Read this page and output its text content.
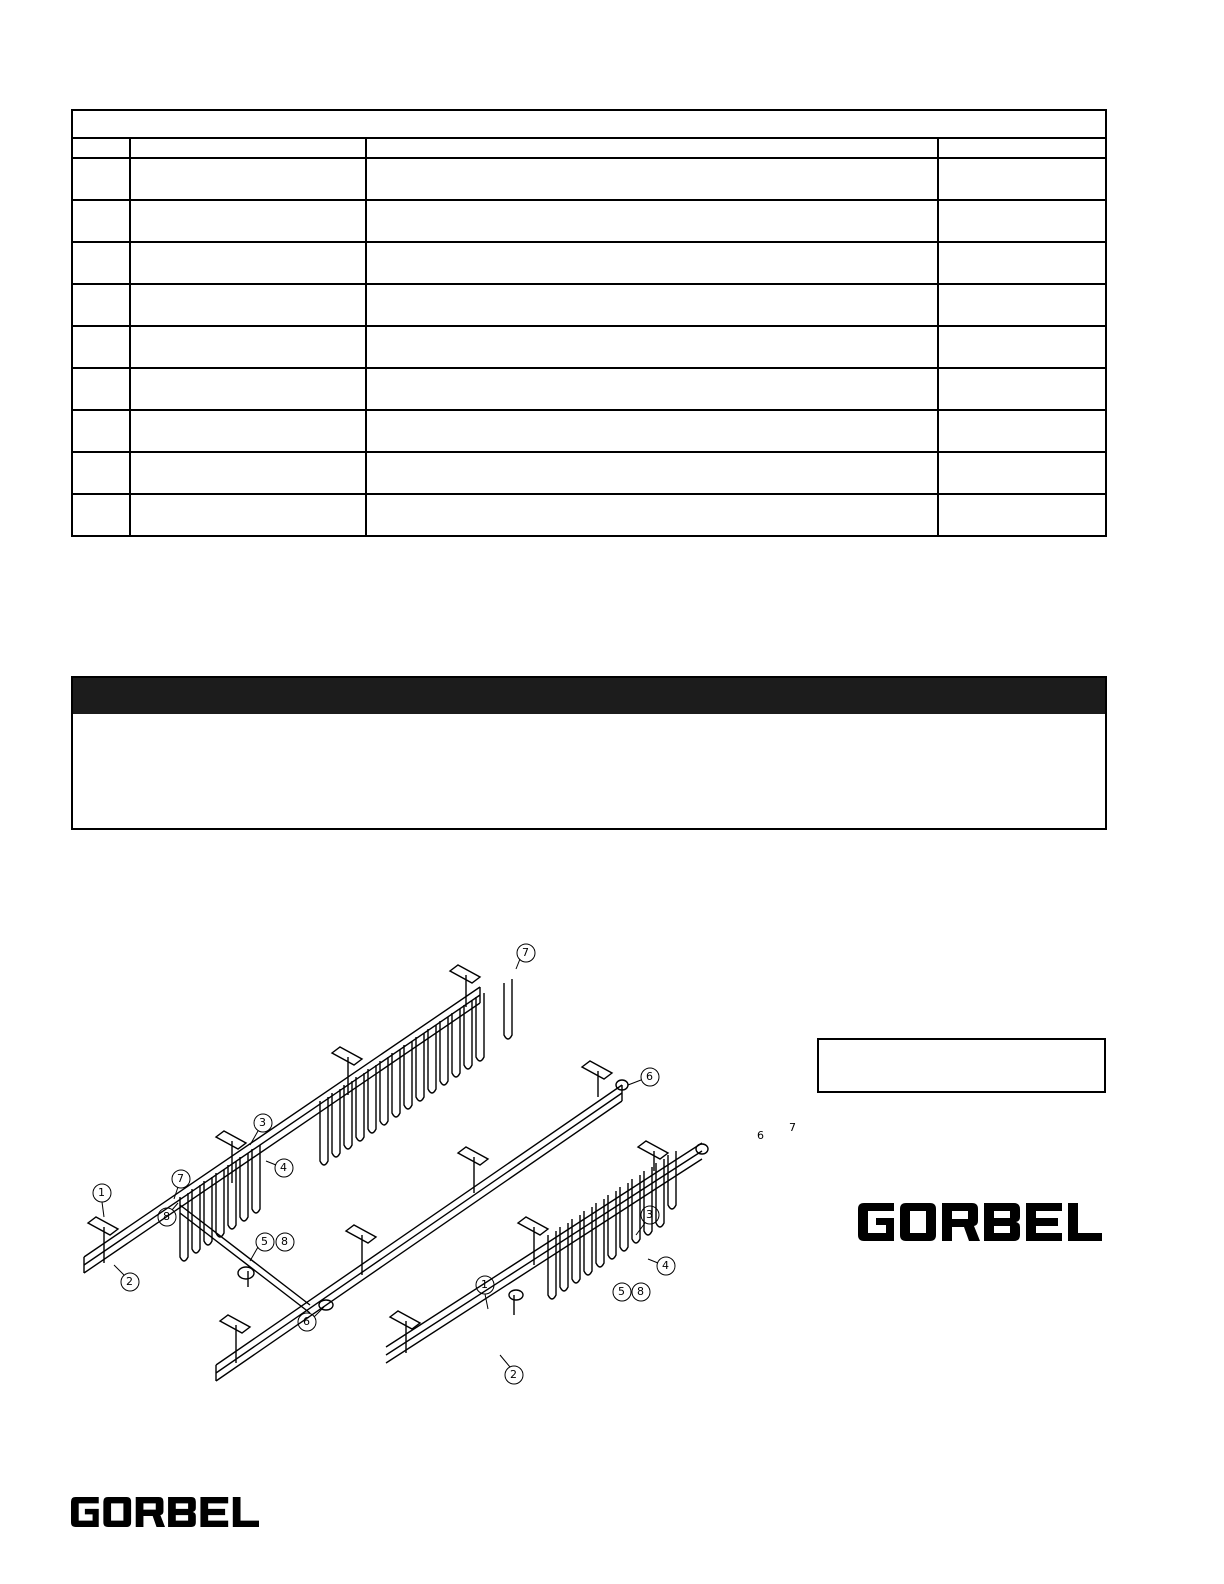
1
2
3
4
5
6
7
8
6
7
8
1
2
3
4
5 8
6
7
